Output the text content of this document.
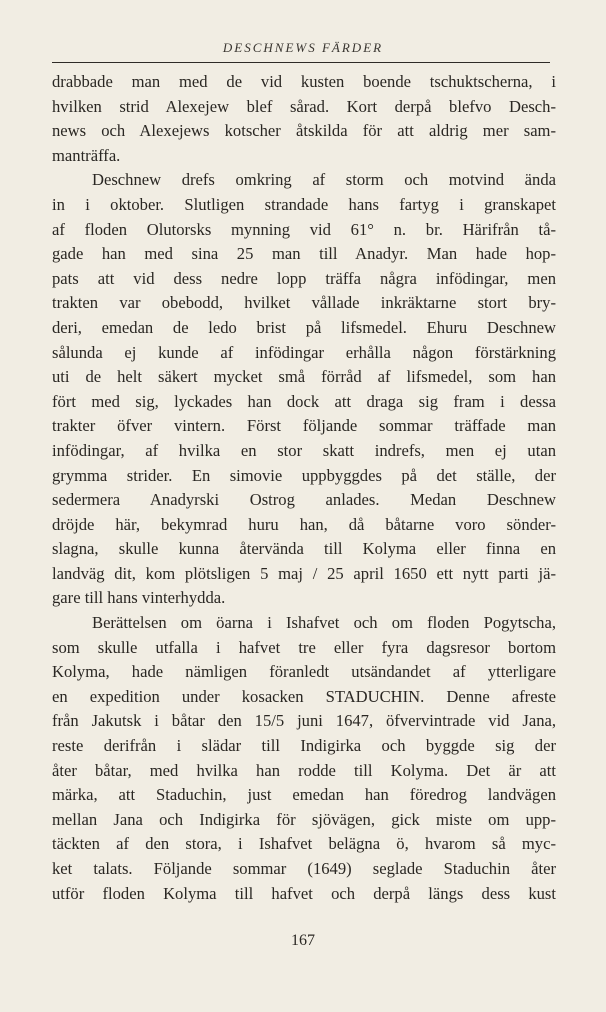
DESCHNEWS FÄRDER
drabbade man med de vid kusten boende tschuktscherna, i
hvilken strid Alexejew blef sårad. Kort derpå blefvo Desch-
news och Alexejews kotscher åtskilda för att aldrig mer sam-
manträffa.
Deschnew drefs omkring af storm och motvind ända
in i oktober. Slutligen strandade hans fartyg i granskapet
af floden Olutorsks mynning vid 61° n. br. Härifrån tå-
gade han med sina 25 man till Anadyr. Man hade hop-
pats att vid dess nedre lopp träffa några infödingar, men
trakten var obebodd, hvilket vållade inkräktarne stort bry-
deri, emedan de ledo brist på lifsmedel. Ehuru Deschnew
sålunda ej kunde af infödingar erhålla någon förstärkning
uti de helt säkert mycket små förråd af lifsmedel, som han
fört med sig, lyckades han dock att draga sig fram i dessa
trakter öfver vintern. Först följande sommar träffade man
infödingar, af hvilka en stor skatt indrefs, men ej utan
grymma strider. En simovie uppbyggdes på det ställe, der
sedermera Anadyrski Ostrog anlades. Medan Deschnew
dröjde här, bekymrad huru han, då båtarne voro sönder-
slagna, skulle kunna återvända till Kolyma eller finna en
landväg dit, kom plötsligen 5 maj / 25 april 1650 ett nytt parti jä-
gare till hans vinterhydda.
Berättelsen om öarna i Ishafvet och om floden Pogytscha,
som skulle utfalla i hafvet tre eller fyra dagsresor bortom
Kolyma, hade nämligen föranledt utsändandet af ytterligare
en expedition under kosacken STADUCHIN. Denne afreste
från Jakutsk i båtar den 15/5 juni 1647, öfvervintrade vid Jana,
reste derifrån i slädar till Indigirka och byggde sig der
åter båtar, med hvilka han rodde till Kolyma. Det är att
märka, att Staduchin, just emedan han föredrog landvägen
mellan Jana och Indigirka för sjövägen, gick miste om upp-
täckten af den stora, i Ishafvet belägna ö, hvarom så myc-
ket talats. Följande sommar (1649) seglade Staduchin åter
utför floden Kolyma till hafvet och derpå längs dess kust
167
